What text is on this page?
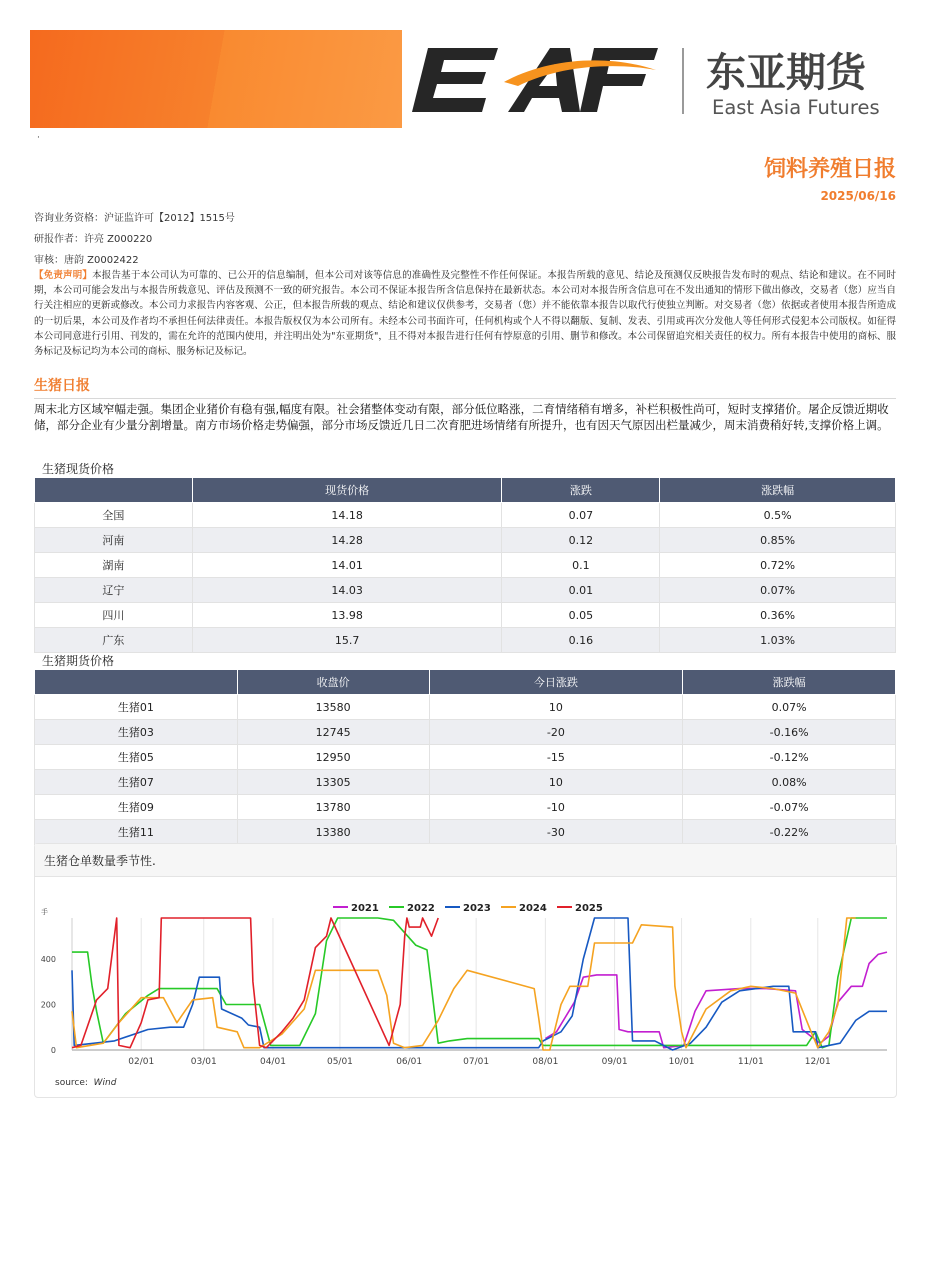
·
东亚期货
East Asia Futures
饲料养殖日报
2025/06/16
咨询业务资格：沪证监许可【2012】1515号
研报作者：许亮 Z000220
审核：唐韵 Z0002422
【免责声明】本报告基于本公司认为可靠的、已公开的信息编制，但本公司对该等信息的准确性及完整性不作任何保证。本报告所载的意见、结论及预测仅反映报告发布时的观点、结论和建议。在不同时期，本公司可能会发出与本报告所载意见、评估及预测不一致的研究报告。本公司不保证本报告所含信息保持在最新状态。本公司对本报告所含信息可在不发出通知的情形下做出修改，交易者（您）应当自行关注相应的更新或修改。本公司力求报告内容客观、公正，但本报告所载的观点、结论和建议仅供参考，交易者（您）并不能依靠本报告以取代行使独立判断。对交易者（您）依据或者使用本报告所造成的一切后果，本公司及作者均不承担任何法律责任。本报告版权仅为本公司所有。未经本公司书面许可，任何机构或个人不得以翻版、复制、发表、引用或再次分发他人等任何形式侵犯本公司版权。如征得本公司同意进行引用、刊发的，需在允许的范围内使用，并注明出处为"东亚期货"，且不得对本报告进行任何有悖原意的引用、删节和修改。本公司保留追究相关责任的权力。所有本报告中使用的商标、服务标记及标记均为本公司的商标、服务标记及标记。
生猪日报
周末北方区域窄幅走强。集团企业猪价有稳有强,幅度有限。社会猪整体变动有限，部分低位略涨，二育情绪稍有增多，补栏积极性尚可，短时支撑猪价。屠企反馈近期收储，部分企业有少量分割增量。南方市场价格走势偏强，部分市场反馈近几日二次育肥进场情绪有所提升，也有因天气原因出栏量减少，周末消费稍好转,支撑价格上调。
生猪现货价格
	现货价格	涨跌	涨跌幅
全国	14.18	0.07	0.5%
河南	14.28	0.12	0.85%
湖南	14.01	0.1	0.72%
辽宁	14.03	0.01	0.07%
四川	13.98	0.05	0.36%
广东	15.7	0.16	1.03%
生猪期货价格
	收盘价	今日涨跌	涨跌幅
生猪01	13580	10	0.07%
生猪03	12745	-20	-0.16%
生猪05	12950	-15	-0.12%
生猪07	13305	10	0.08%
生猪09	13780	-10	-0.07%
生猪11	13380	-30	-0.22%
生猪仓单数量季节性.
02/01	03/01	04/01	05/01	06/01	07/01	08/01	09/01	10/01	11/01	12/01
0
200
400
手	2021	2022	2023	2024	2025
source: Wind
